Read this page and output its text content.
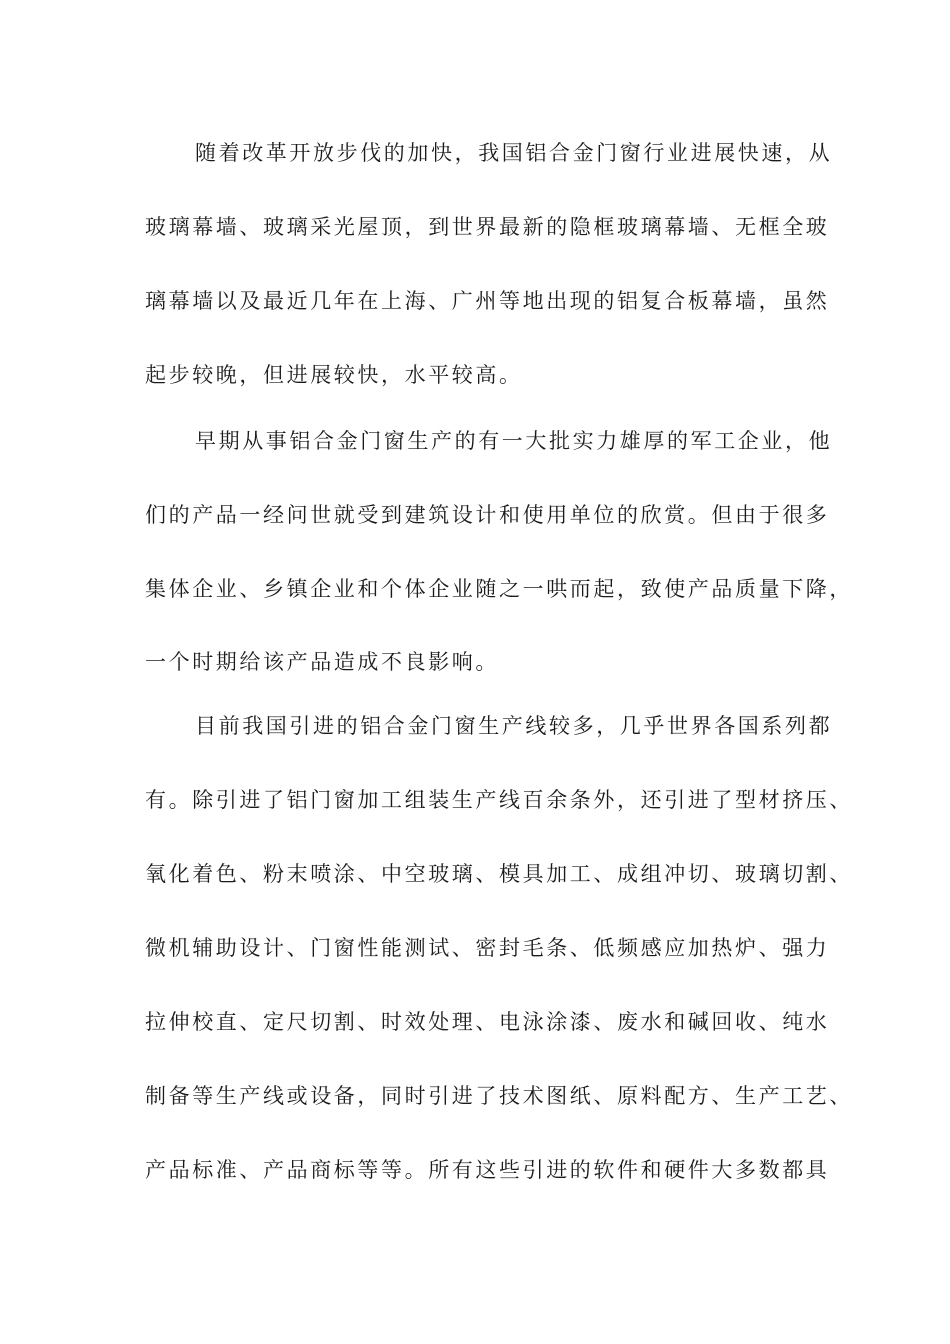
随着改革开放步伐的加快，我国铝合金门窗行业进展快速，从
玻璃幕墙、玻璃采光屋顶，到世界最新的隐框玻璃幕墙、无框全玻
璃幕墙以及最近几年在上海、广州等地出现的铝复合板幕墙，虽然
起步较晚，但进展较快，水平较高。
早期从事铝合金门窗生产的有一大批实力雄厚的军工企业，他
们的产品一经问世就受到建筑设计和使用单位的欣赏。但由于很多
集体企业、乡镇企业和个体企业随之一哄而起，致使产品质量下降，
一个时期给该产品造成不良影响。
目前我国引进的铝合金门窗生产线较多，几乎世界各国系列都
有。除引进了铝门窗加工组装生产线百余条外，还引进了型材挤压、
氧化着色、粉末喷涂、中空玻璃、模具加工、成组冲切、玻璃切割、
微机辅助设计、门窗性能测试、密封毛条、低频感应加热炉、强力
拉伸校直、定尺切割、时效处理、电泳涂漆、废水和碱回收、纯水
制备等生产线或设备，同时引进了技术图纸、原料配方、生产工艺、
产品标准、产品商标等等。所有这些引进的软件和硬件大多数都具
